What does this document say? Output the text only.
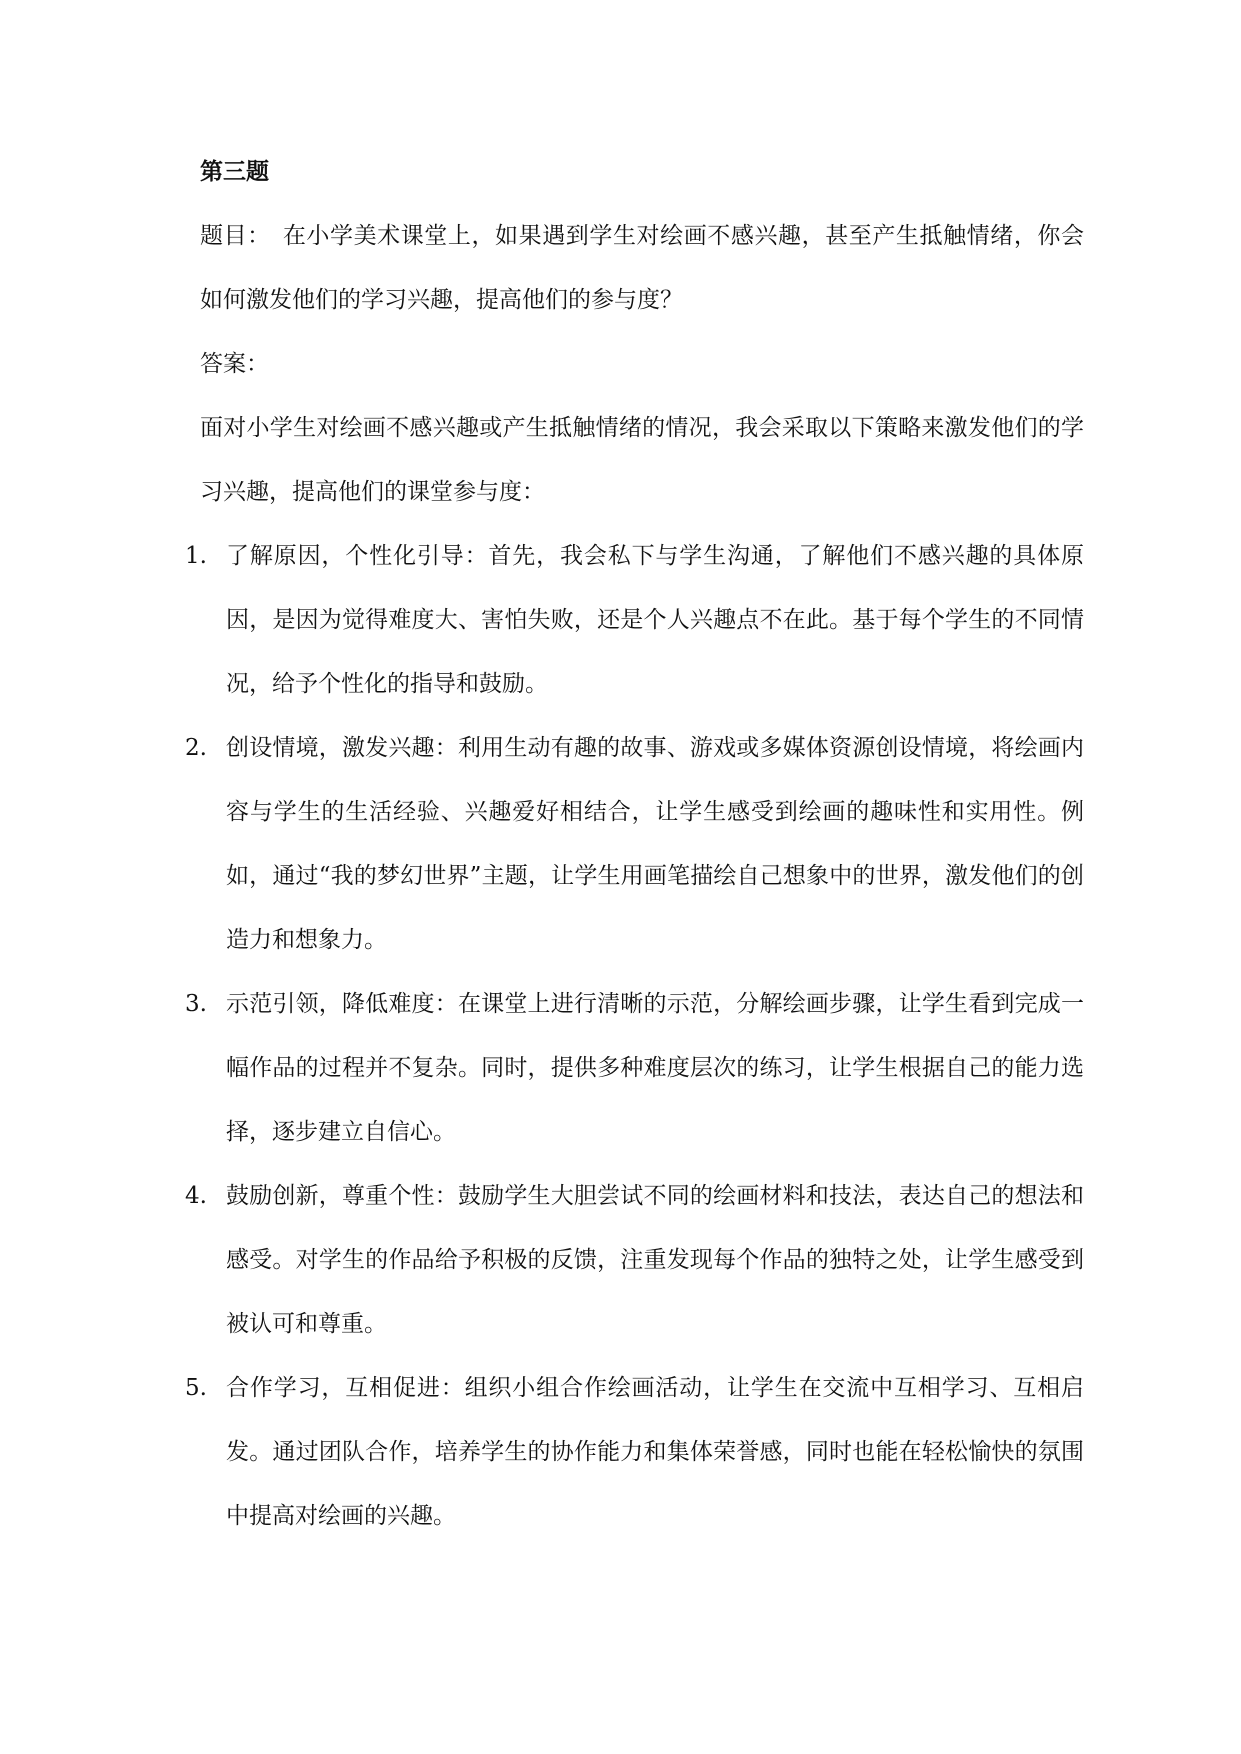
第三题

题目：　在小学美术课堂上，如果遇到学生对绘画不感兴趣，甚至产生抵触情绪，你会如何激发他们的学习兴趣，提高他们的参与度？

答案：

面对小学生对绘画不感兴趣或产生抵触情绪的情况，我会采取以下策略来激发他们的学习兴趣，提高他们的课堂参与度：

1. 了解原因，个性化引导：首先，我会私下与学生沟通，了解他们不感兴趣的具体原因，是因为觉得难度大、害怕失败，还是个人兴趣点不在此。基于每个学生的不同情况，给予个性化的指导和鼓励。
2. 创设情境，激发兴趣：利用生动有趣的故事、游戏或多媒体资源创设情境，将绘画内容与学生的生活经验、兴趣爱好相结合，让学生感受到绘画的趣味性和实用性。例如，通过“我的梦幻世界”主题，让学生用画笔描绘自己想象中的世界，激发他们的创造力和想象力。
3. 示范引领，降低难度：在课堂上进行清晰的示范，分解绘画步骤，让学生看到完成一幅作品的过程并不复杂。同时，提供多种难度层次的练习，让学生根据自己的能力选择，逐步建立自信心。
4. 鼓励创新，尊重个性：鼓励学生大胆尝试不同的绘画材料和技法，表达自己的想法和感受。对学生的作品给予积极的反馈，注重发现每个作品的独特之处，让学生感受到被认可和尊重。
5. 合作学习，互相促进：组织小组合作绘画活动，让学生在交流中互相学习、互相启发。通过团队合作，培养学生的协作能力和集体荣誉感，同时也能在轻松愉快的氛围中提高对绘画的兴趣。
